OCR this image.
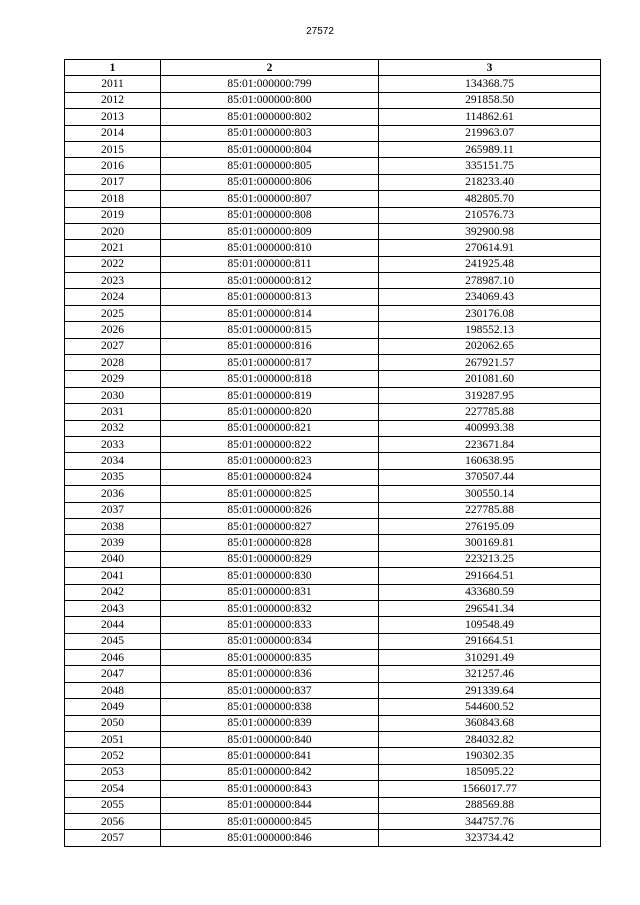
27572
1	2	3
2011	85:01:000000:799	134368.75
2012	85:01:000000:800	291858.50
2013	85:01:000000:802	114862.61
2014	85:01:000000:803	219963.07
2015	85:01:000000:804	265989.11
2016	85:01:000000:805	335151.75
2017	85:01:000000:806	218233.40
2018	85:01:000000:807	482805.70
2019	85:01:000000:808	210576.73
2020	85:01:000000:809	392900.98
2021	85:01:000000:810	270614.91
2022	85:01:000000:811	241925.48
2023	85:01:000000:812	278987.10
2024	85:01:000000:813	234069.43
2025	85:01:000000:814	230176.08
2026	85:01:000000:815	198552.13
2027	85:01:000000:816	202062.65
2028	85:01:000000:817	267921.57
2029	85:01:000000:818	201081.60
2030	85:01:000000:819	319287.95
2031	85:01:000000:820	227785.88
2032	85:01:000000:821	400993.38
2033	85:01:000000:822	223671.84
2034	85:01:000000:823	160638.95
2035	85:01:000000:824	370507.44
2036	85:01:000000:825	300550.14
2037	85:01:000000:826	227785.88
2038	85:01:000000:827	276195.09
2039	85:01:000000:828	300169.81
2040	85:01:000000:829	223213.25
2041	85:01:000000:830	291664.51
2042	85:01:000000:831	433680.59
2043	85:01:000000:832	296541.34
2044	85:01:000000:833	109548.49
2045	85:01:000000:834	291664.51
2046	85:01:000000:835	310291.49
2047	85:01:000000:836	321257.46
2048	85:01:000000:837	291339.64
2049	85:01:000000:838	544600.52
2050	85:01:000000:839	360843.68
2051	85:01:000000:840	284032.82
2052	85:01:000000:841	190302.35
2053	85:01:000000:842	185095.22
2054	85:01:000000:843	1566017.77
2055	85:01:000000:844	288569.88
2056	85:01:000000:845	344757.76
2057	85:01:000000:846	323734.42
